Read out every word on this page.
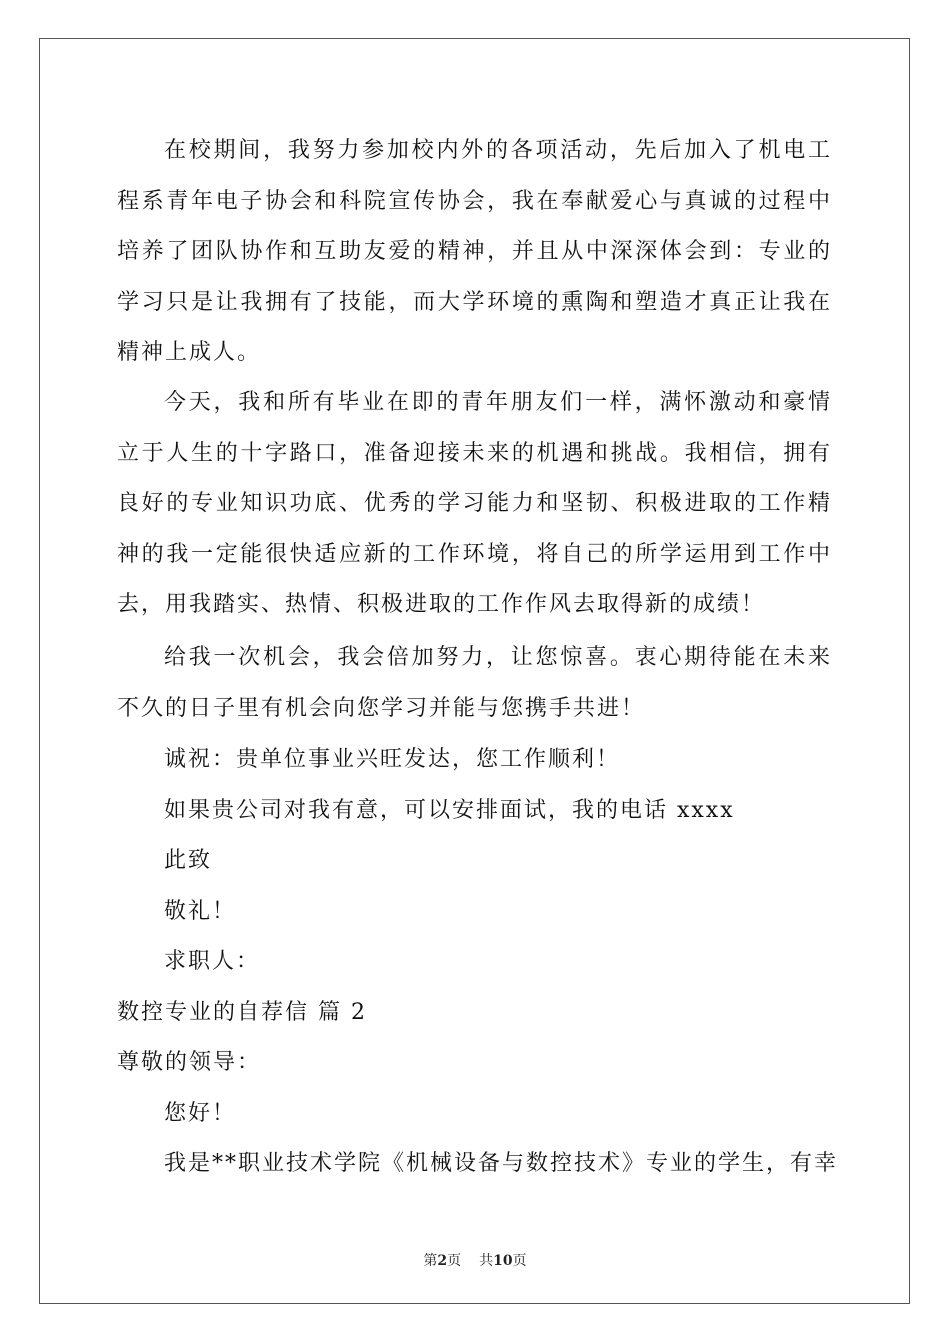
在校期间，我努力参加校内外的各项活动，先后加入了机电工程系青年电子协会和科院宣传协会，我在奉献爱心与真诚的过程中培养了团队协作和互助友爱的精神，并且从中深深体会到：专业的学习只是让我拥有了技能，而大学环境的熏陶和塑造才真正让我在精神上成人。

今天，我和所有毕业在即的青年朋友们一样，满怀激动和豪情立于人生的十字路口，准备迎接未来的机遇和挑战。我相信，拥有良好的专业知识功底、优秀的学习能力和坚韧、积极进取的工作精神的我一定能很快适应新的工作环境，将自己的所学运用到工作中去，用我踏实、热情、积极进取的工作作风去取得新的成绩！

给我一次机会，我会倍加努力，让您惊喜。衷心期待能在未来不久的日子里有机会向您学习并能与您携手共进！

诚祝：贵单位事业兴旺发达，您工作顺利！

如果贵公司对我有意，可以安排面试，我的电话 xxxx

此致

敬礼！

求职人：

数控专业的自荐信 篇 2

尊敬的领导：

您好！

我是**职业技术学院《机械设备与数控技术》专业的学生，有幸

第2页 共10页
